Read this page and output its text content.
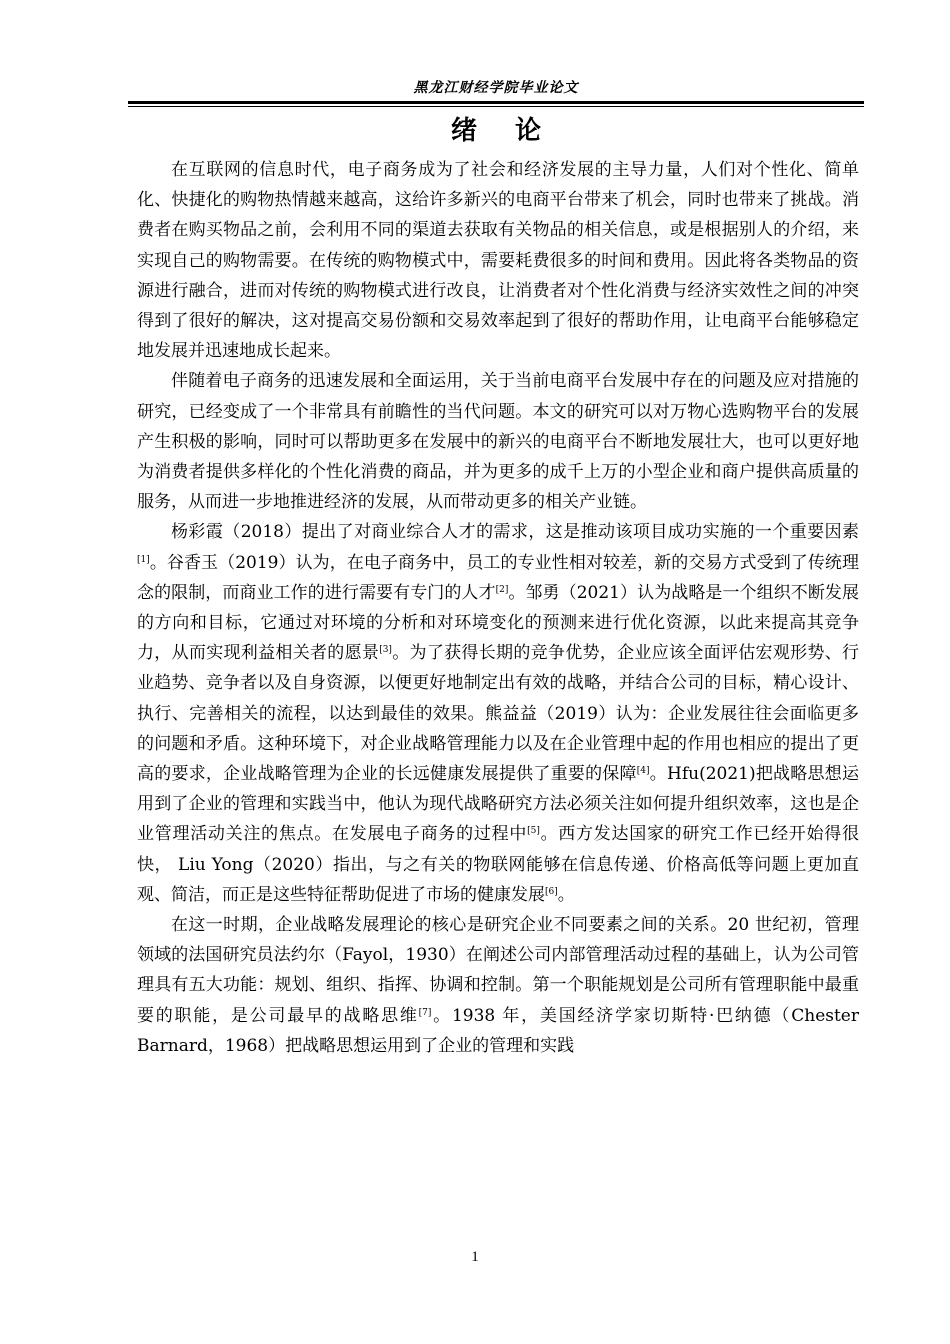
黑龙江财经学院毕业论文
绪论

在互联网的信息时代，电子商务成为了社会和经济发展的主导力量，人们对个性化、简单化、快捷化的购物热情越来越高，这给许多新兴的电商平台带来了机会，同时也带来了挑战。消费者在购买物品之前，会利用不同的渠道去获取有关物品的相关信息，或是根据别人的介绍，来实现自己的购物需要。在传统的购物模式中，需要耗费很多的时间和费用。因此将各类物品的资源进行融合，进而对传统的购物模式进行改良，让消费者对个性化消费与经济实效性之间的冲突得到了很好的解决，这对提高交易份额和交易效率起到了很好的帮助作用，让电商平台能够稳定地发展并迅速地成长起来。

伴随着电子商务的迅速发展和全面运用，关于当前电商平台发展中存在的问题及应对措施的研究，已经变成了一个非常具有前瞻性的当代问题。本文的研究可以对万物心选购物平台的发展产生积极的影响，同时可以帮助更多在发展中的新兴的电商平台不断地发展壮大，也可以更好地为消费者提供多样化的个性化消费的商品，并为更多的成千上万的小型企业和商户提供高质量的服务，从而进一步地推进经济的发展，从而带动更多的相关产业链。

杨彩霞（2018）提出了对商业综合人才的需求，这是推动该项目成功实施的一个重要因素[1]。谷香玉（2019）认为，在电子商务中，员工的专业性相对较差，新的交易方式受到了传统理念的限制，而商业工作的进行需要有专门的人才[2]。邹勇（2021）认为战略是一个组织不断发展的方向和目标，它通过对环境的分析和对环境变化的预测来进行优化资源，以此来提高其竞争力，从而实现利益相关者的愿景[3]。为了获得长期的竞争优势，企业应该全面评估宏观形势、行业趋势、竞争者以及自身资源，以便更好地制定出有效的战略，并结合公司的目标，精心设计、执行、完善相关的流程，以达到最佳的效果。熊益益（2019）认为：企业发展往往会面临更多的问题和矛盾。这种环境下，对企业战略管理能力以及在企业管理中起的作用也相应的提出了更高的要求，企业战略管理为企业的长远健康发展提供了重要的保障[4]。Hfu(2021)把战略思想运用到了企业的管理和实践当中，他认为现代战略研究方法必须关注如何提升组织效率，这也是企业管理活动关注的焦点。在发展电子商务的过程中[5]。西方发达国家的研究工作已经开始得很快， Liu Yong（2020）指出，与之有关的物联网能够在信息传递、价格高低等问题上更加直观、简洁，而正是这些特征帮助促进了市场的健康发展[6]。

在这一时期，企业战略发展理论的核心是研究企业不同要素之间的关系。20 世纪初，管理领域的法国研究员法约尔（Fayol，1930）在阐述公司内部管理活动过程的基础上，认为公司管理具有五大功能：规划、组织、指挥、协调和控制。第一个职能规划是公司所有管理职能中最重要的职能，是公司最早的战略思维[7]。1938 年，美国经济学家切斯特·巴纳德（Chester Barnard，1968）把战略思想运用到了企业的管理和实践

1
